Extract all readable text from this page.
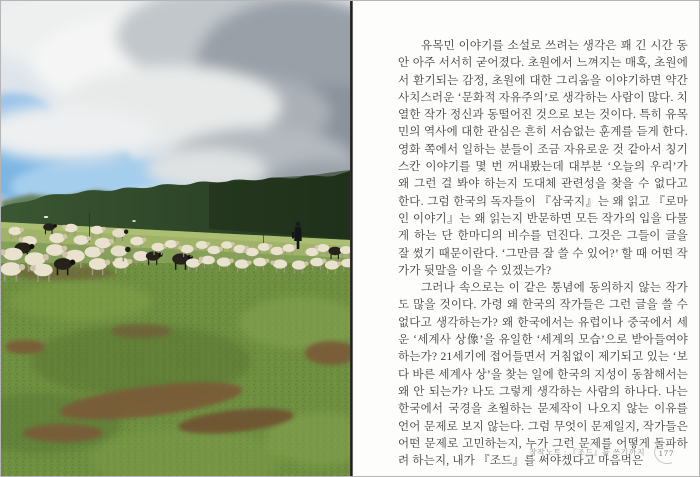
유목민 이야기를 소설로 쓰려는 생각은 꽤 긴 시간 동안 아주 서서히 굳어졌다. 초원에서 느껴지는 매혹, 초원에서 환기되는 감정, 초원에 대한 그리움을 이야기하면 약간 사치스러운 ‘문화적 자유주의’로 생각하는 사람이 많다. 치열한 작가 정신과 동떨어진 것으로 보는 것이다. 특히 유목민의 역사에 대한 관심은 흔히 서슴없는 훈계를 듣게 한다. 영화 쪽에서 일하는 분들이 조금 자유로운 것 같아서 칭기스칸 이야기를 몇 번 꺼내봤는데 대부분 ‘오늘의 우리’가 왜 그런 걸 봐야 하는지 도대체 관련성을 찾을 수 없다고 한다. 그럼 한국의 독자들이 『삼국지』는 왜 읽고 『로마인 이야기』는 왜 읽는지 반문하면 모든 작가의 입을 다물게 하는 단 한마디의 비수를 던진다. 그것은 그들이 글을 잘 썼기 때문이란다. ‘그만큼 잘 쓸 수 있어?’ 할 때 어떤 작가가 뒷말을 이을 수 있겠는가?

그러나 속으로는 이 같은 통념에 동의하지 않는 작가도 많을 것이다. 가령 왜 한국의 작가들은 그런 글을 쓸 수 없다고 생각하는가? 왜 한국에서는 유럽이나 중국에서 세운 ‘세계사 상像’을 유일한 ‘세계의 모습’으로 받아들여야 하는가? 21세기에 접어들면서 거침없이 제기되고 있는 ‘보다 바른 세계사 상’을 찾는 일에 한국의 지성이 동참해서는 왜 안 되는가? 나도 그렇게 생각하는 사람의 하나다. 나는 한국에서 국경을 초월하는 문제작이 나오지 않는 이유를 언어 문제로 보지 않는다. 그럼 무엇이 문제일지, 작가들은 어떤 문제로 고민하는지, 누가 그런 문제를 어떻게 돌파하려 하는지, 내가 『조드』를 써야겠다고 마음먹은

창작노트 : 『조드』를 쓰기까지	177
